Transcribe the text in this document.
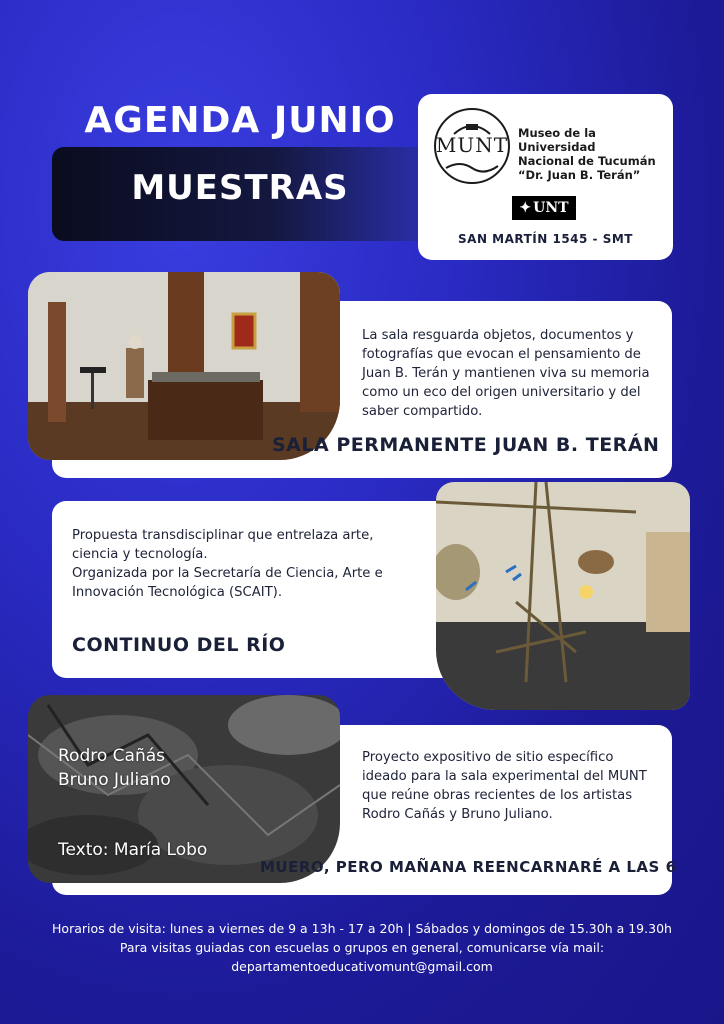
AGENDA JUNIO
MUESTRAS
MUNT Museo de la Universidad
Nacional de Tucumán
“Dr. Juan B. Terán”
✦ UNT
SAN MARTÍN 1545 - SMT
La sala resguarda objetos, documentos y fotografías que evocan el pensamiento de Juan B. Terán y mantienen viva su memoria como un eco del origen universitario y del saber compartido.
SALA PERMANENTE JUAN B. TERÁN
Propuesta transdisciplinar que entrelaza arte, ciencia y tecnología.
Organizada por la Secretaría de Ciencia, Arte e Innovación Tecnológica (SCAIT).
CONTINUO DEL RÍO
Rodro Cañás
Bruno Juliano
Texto: María Lobo
Proyecto expositivo de sitio específico ideado para la sala experimental del MUNT que reúne obras recientes de los artistas Rodro Cañás y Bruno Juliano.
MUERO, PERO MAÑANA REENCARNARÉ A LAS 6
Horarios de visita: lunes a viernes de 9 a 13h - 17 a 20h | Sábados y domingos de 15.30h a 19.30h
Para visitas guiadas con escuelas o grupos en general, comunicarse vía mail:
departamentoeducativomunt@gmail.com
